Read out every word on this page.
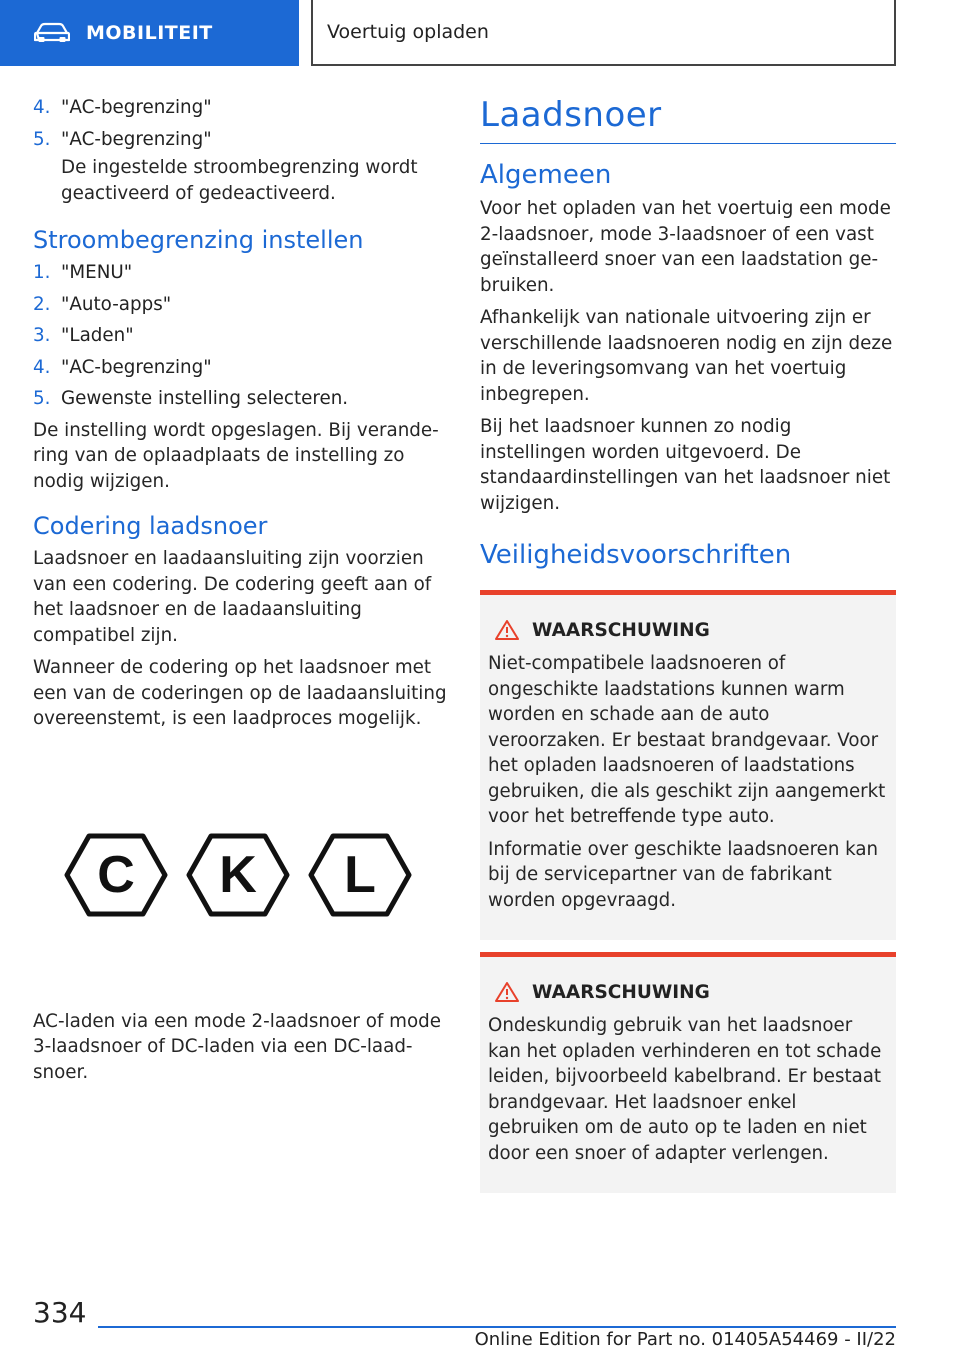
MOBILITEIT	Voertuig opladen
4. "AC-begrenzing"
5. "AC-begrenzing"

De ingestelde stroombegrenzing wordt geactiveerd of gedeactiveerd.

Stroombegrenzing instellen
1. "MENU"
2. "Auto-apps"
3. "Laden"
4. "AC-begrenzing"
5. Gewenste instelling selecteren.

De instelling wordt opgeslagen. Bij verandering van de oplaadplaats de instelling zo nodig wijzigen.

Codering laadsnoer

Laadsnoer en laadaansluiting zijn voorzien van een codering. De codering geeft aan of het laadsnoer en de laadaansluiting compatibel zijn.

Wanneer de codering op het laadsnoer met een van de coderingen op de laadaansluiting overeenstemt, is een laadproces mogelijk.

C K L

AC-laden via een mode 2-laadsnoer of mode 3-laadsnoer of DC-laden via een DC-laadsnoer.

Laadsnoer
Algemeen

Voor het opladen van het voertuig een mode 2-laadsnoer, mode 3-laadsnoer of een vast geïnstalleerd snoer van een laadstation gebruiken.

Afhankelijk van nationale uitvoering zijn er verschillende laadsnoeren nodig en zijn deze in de leveringsomvang van het voertuig inbegrepen.

Bij het laadsnoer kunnen zo nodig instellingen worden uitgevoerd. De standaardinstellingen van het laadsnoer niet wijzigen.

Veiligheidsvoorschriften
WAARSCHUWING

Niet-compatibele laadsnoeren of ongeschikte laadstations kunnen warm worden en schade aan de auto veroorzaken. Er bestaat brandgevaar. Voor het opladen laadsnoeren of laadstations gebruiken, die als geschikt zijn aangemerkt voor het betreffende type auto.

Informatie over geschikte laadsnoeren kan bij de servicepartner van de fabrikant worden opgevraagd.

WAARSCHUWING

Ondeskundig gebruik van het laadsnoer kan het opladen verhinderen en tot schade leiden, bijvoorbeeld kabelbrand. Er bestaat brandgevaar. Het laadsnoer enkel gebruiken om de auto op te laden en niet door een snoer of adapter verlengen.

334
Online Edition for Part no. 01405A54469 - II/22
